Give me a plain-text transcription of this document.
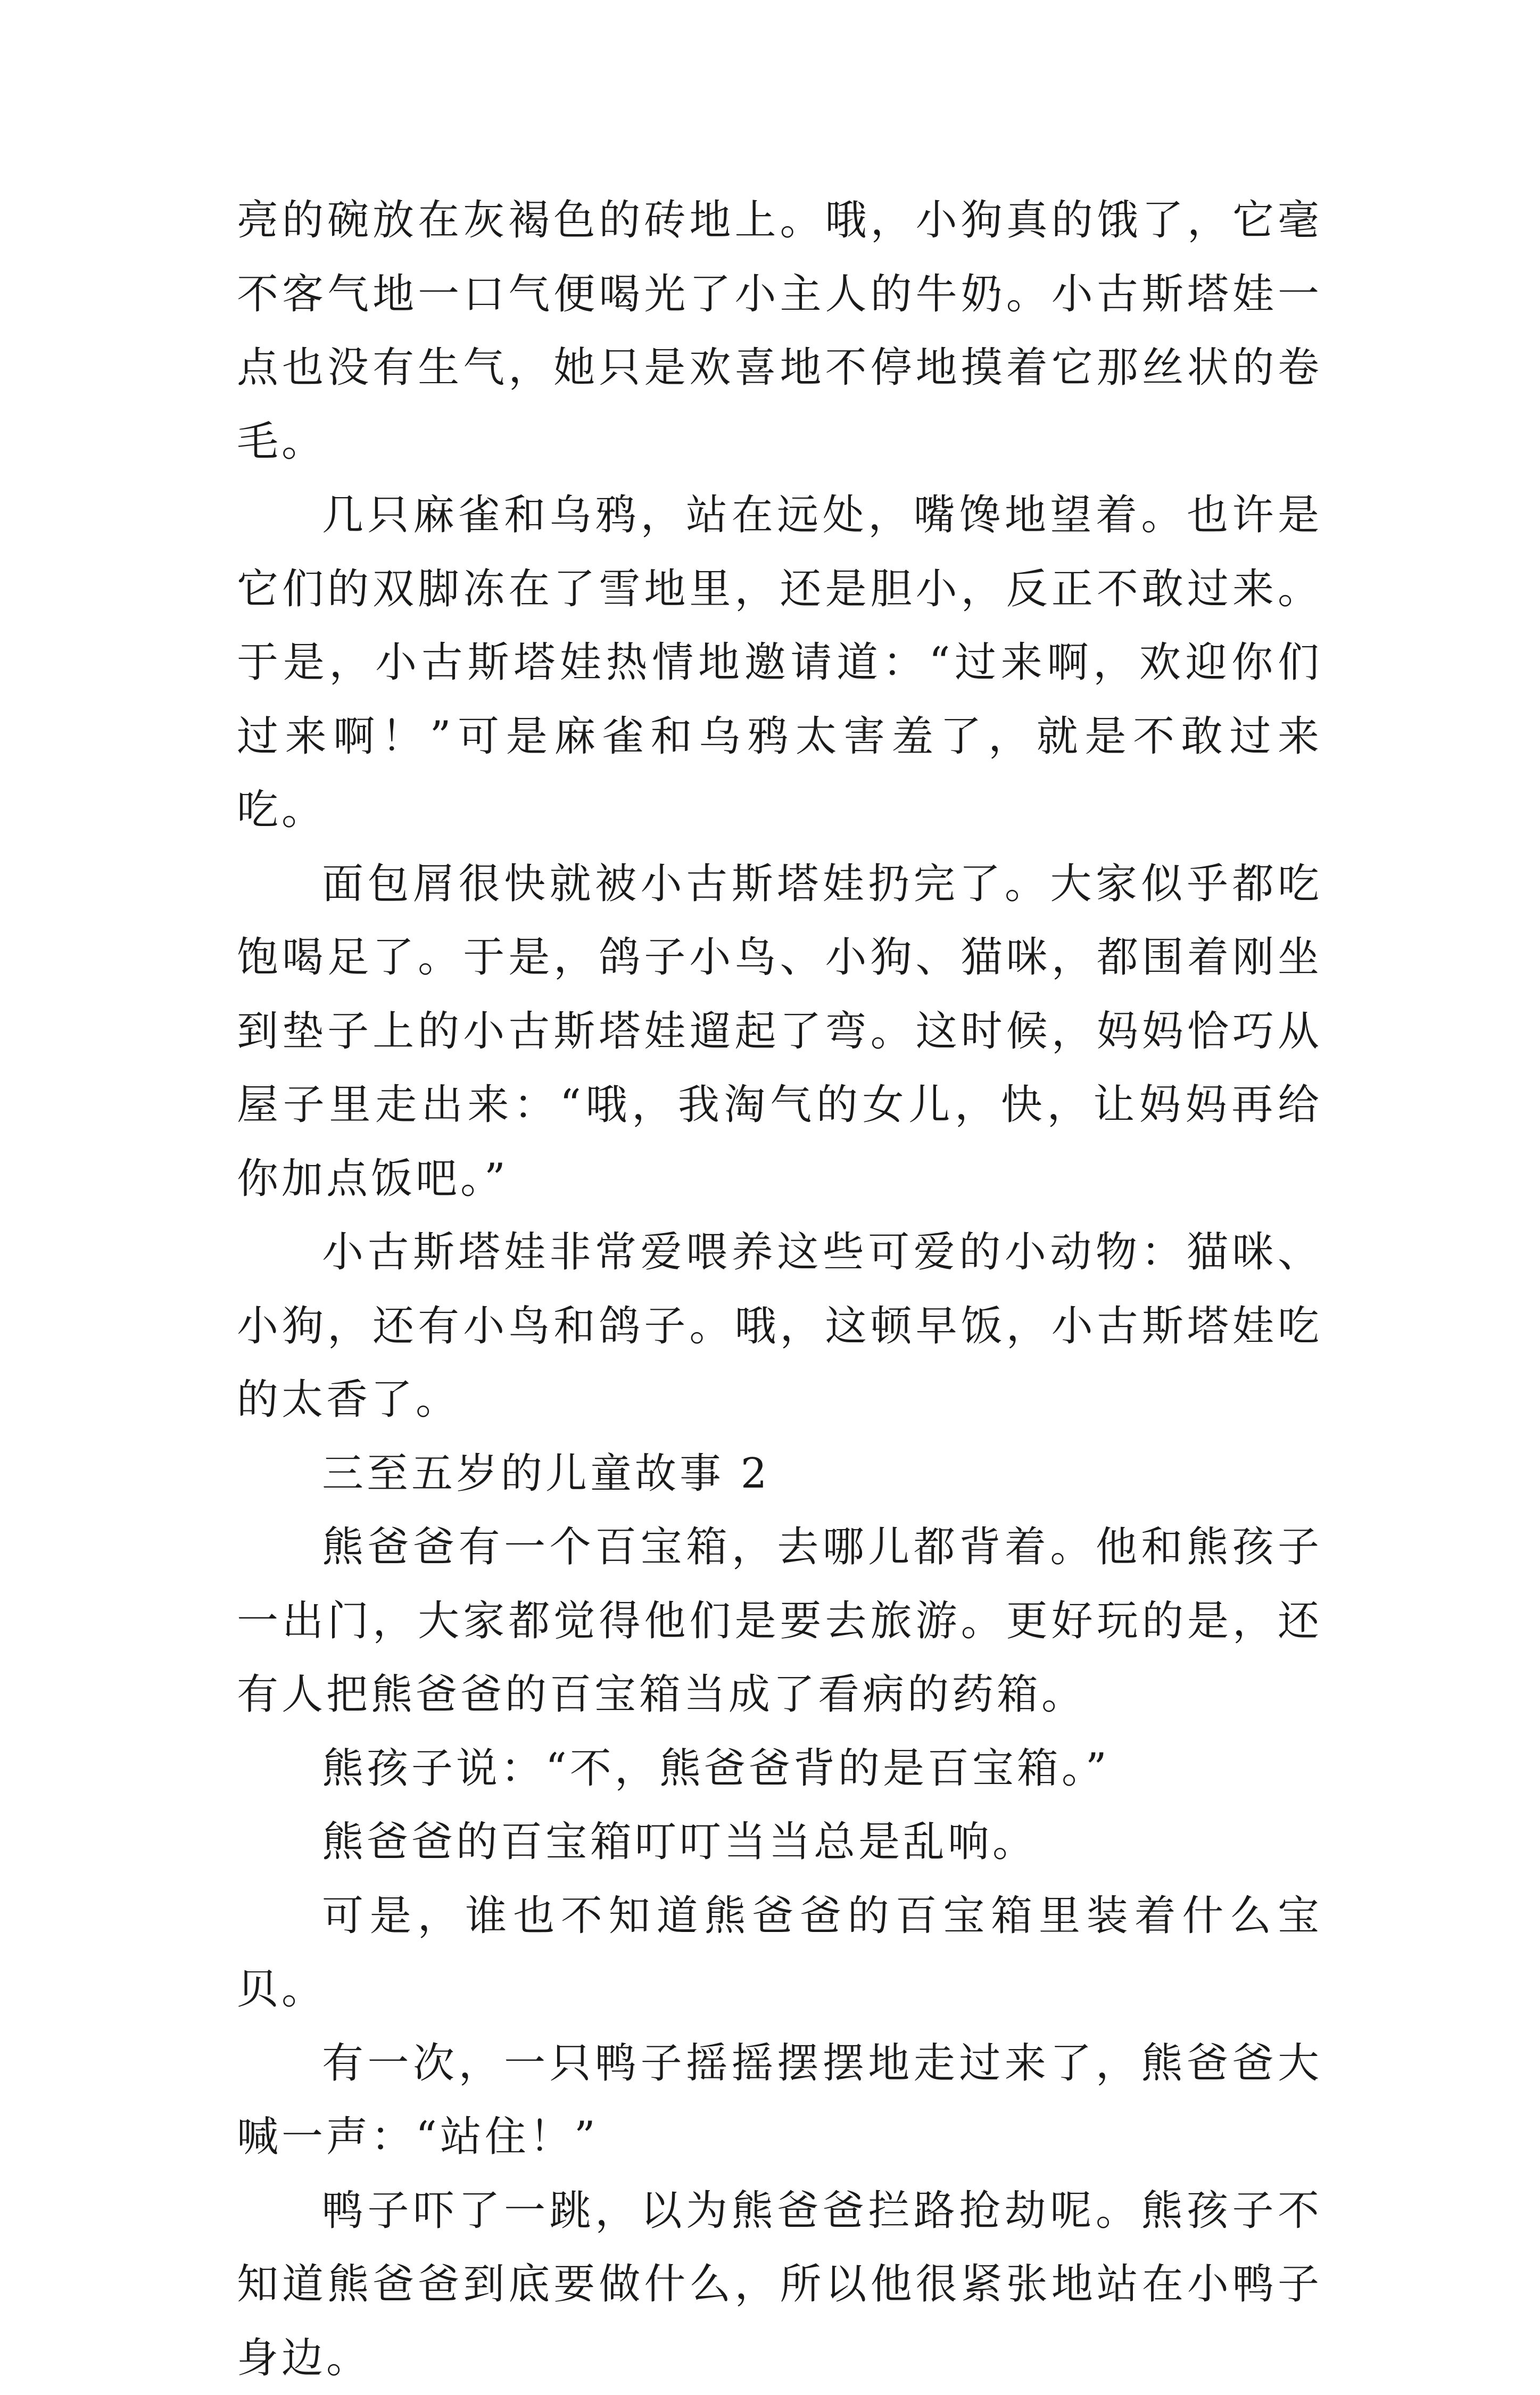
亮的碗放在灰褐色的砖地上。哦，小狗真的饿了，它毫不客气地一口气便喝光了小主人的牛奶。小古斯塔娃一点也没有生气，她只是欢喜地不停地摸着它那丝状的卷毛。

几只麻雀和乌鸦，站在远处，嘴馋地望着。也许是它们的双脚冻在了雪地里，还是胆小，反正不敢过来。于是，小古斯塔娃热情地邀请道：“过来啊，欢迎你们过来啊！”可是麻雀和乌鸦太害羞了，就是不敢过来吃。

面包屑很快就被小古斯塔娃扔完了。大家似乎都吃饱喝足了。于是，鸽子小鸟、小狗、猫咪，都围着刚坐到垫子上的小古斯塔娃遛起了弯。这时候，妈妈恰巧从屋子里走出来：“哦，我淘气的女儿，快，让妈妈再给你加点饭吧。”

小古斯塔娃非常爱喂养这些可爱的小动物：猫咪、小狗，还有小鸟和鸽子。哦，这顿早饭，小古斯塔娃吃的太香了。

三至五岁的儿童故事 2

熊爸爸有一个百宝箱，去哪儿都背着。他和熊孩子一出门，大家都觉得他们是要去旅游。更好玩的是，还有人把熊爸爸的百宝箱当成了看病的药箱。

熊孩子说：“不，熊爸爸背的是百宝箱。”

熊爸爸的百宝箱叮叮当当总是乱响。

可是，谁也不知道熊爸爸的百宝箱里装着什么宝贝。

有一次，一只鸭子摇摇摆摆地走过来了，熊爸爸大喊一声：“站住！”

鸭子吓了一跳，以为熊爸爸拦路抢劫呢。熊孩子不知道熊爸爸到底要做什么，所以他很紧张地站在小鸭子身边。
